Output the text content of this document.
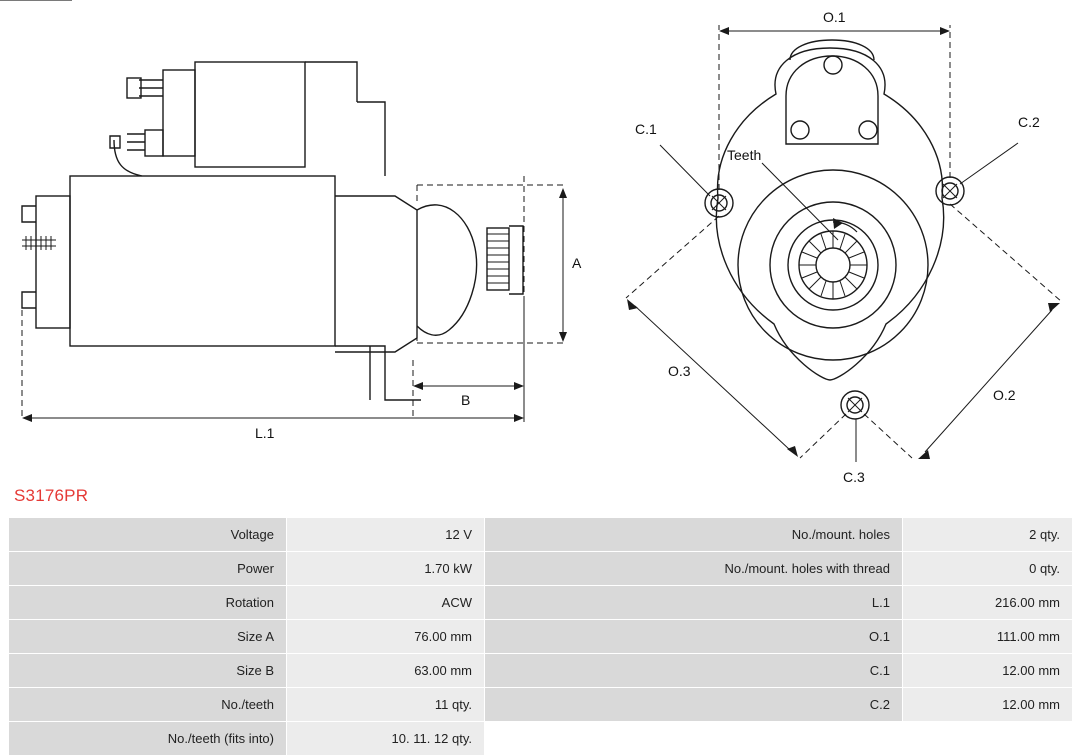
A
B
L.1
O.1
O.2
O.3
C.1	C.2
C.3
Teeth
S3176PR
Voltage	12 V	No./mount. holes	2 qty.
Power	1.70 kW	No./mount. holes with thread	0 qty.
Rotation	ACW	L.1	216.00 mm
Size A	76.00 mm	O.1	111.00 mm
Size B	63.00 mm	C.1	12.00 mm
No./teeth	11 qty.	C.2	12.00 mm
No./teeth (fits into)	10. 11. 12 qty.		
